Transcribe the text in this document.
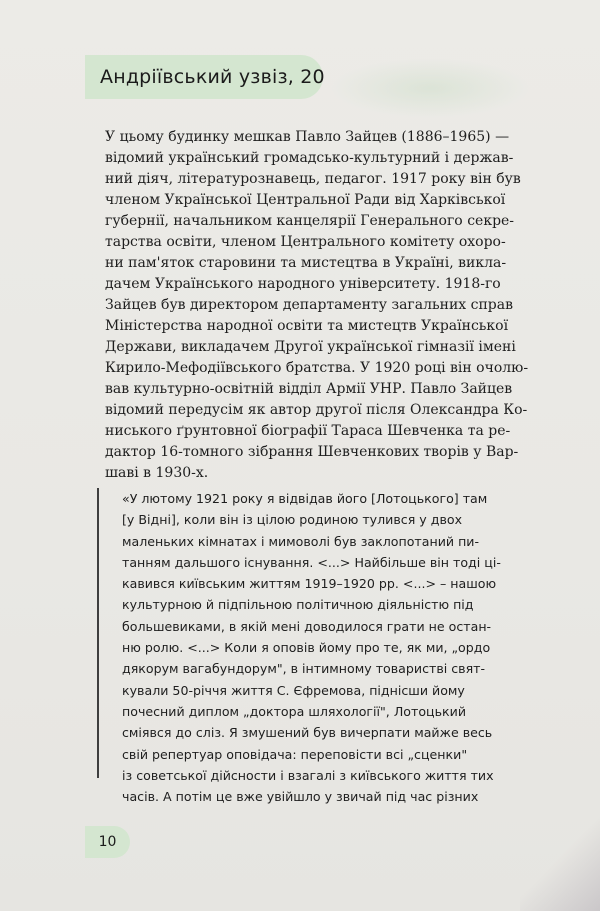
Андріївський узвіз, 20

У цьому будинку мешкав Павло Зайцев (1886–1965) —
відомий український громадсько-культурний і держав-
ний діяч, літературознавець, педагог. 1917 року він був
членом Української Центральної Ради від Харківської
губернії, начальником канцелярії Генерального секре-
тарства освіти, членом Центрального комітету охоро-
ни пам'яток старовини та мистецтва в Україні, викла-
дачем Українського народного університету. 1918-го
Зайцев був директором департаменту загальних справ
Міністерства народної освіти та мистецтв Української
Держави, викладачем Другої української гімназії імені
Кирило-Мефодіївського братства. У 1920 році він очолю-
вав культурно-освітній відділ Армії УНР. Павло Зайцев
відомий передусім як автор другої після Олександра Ко-
ниського ґрунтовної біографії Тараса Шевченка та ре-
дактор 16-томного зібрання Шевченкових творів у Вар-
шаві в 1930-х.

«У лютому 1921 року я відвідав його [Лотоцького] там
[у Відні], коли він із цілою родиною тулився у двох
маленьких кімнатах і мимоволі був заклопотаний пи-
танням дальшого існування. <...> Найбільше він тоді ці-
кавився київським життям 1919–1920 рр. <...> – нашою
культурною й підпільною політичною діяльністю під
большевиками, в якій мені доводилося грати не остан-
ню ролю. <...> Коли я оповів йому про те, як ми, „ордо
дякорум вагабундорум", в інтимному товаристві свят-
кували 50-річчя життя С. Єфремова, піднісши йому
почесний диплом „доктора шляхології", Лотоцький
сміявся до сліз. Я змушений був вичерпати майже весь
свій репертуар оповідача: переповісти всі „сценки"
із советської дійсности і взагалі з київського життя тих
часів. А потім це вже увійшло у звичай під час різних

10
